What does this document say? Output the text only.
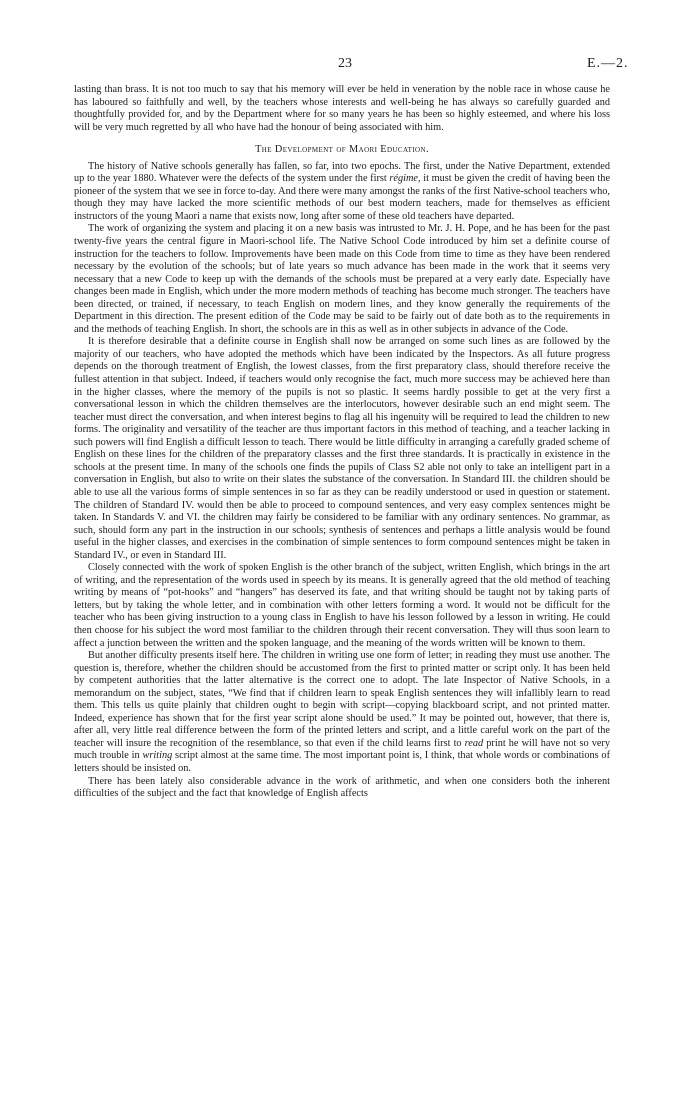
23	E.—2.

lasting than brass. It is not too much to say that his memory will ever be held in veneration by the noble race in whose cause he has laboured so faithfully and well, by the teachers whose interests and well-being he has always so carefully guarded and thoughtfully provided for, and by the Department where for so many years he has been so highly esteemed, and where his loss will be very much regretted by all who have had the honour of being associated with him.

The Development of Maori Education.

The history of Native schools generally has fallen, so far, into two epochs. The first, under the Native Department, extended up to the year 1880. Whatever were the defects of the system under the first régime, it must be given the credit of having been the pioneer of the system that we see in force to-day. And there were many amongst the ranks of the first Native-school teachers who, though they may have lacked the more scientific methods of our best modern teachers, made for themselves as efficient instructors of the young Maori a name that exists now, long after some of these old teachers have departed.

The work of organizing the system and placing it on a new basis was intrusted to Mr. J. H. Pope, and he has been for the past twenty-five years the central figure in Maori-school life. The Native School Code introduced by him set a definite course of instruction for the teachers to follow. Improvements have been made on this Code from time to time as they have been rendered necessary by the evolution of the schools; but of late years so much advance has been made in the work that it seems very necessary that a new Code to keep up with the demands of the schools must be prepared at a very early date. Especially have changes been made in English, which under the more modern methods of teaching has become much stronger. The teachers have been directed, or trained, if necessary, to teach English on modern lines, and they know generally the requirements of the Department in this direction. The present edition of the Code may be said to be fairly out of date both as to the requirements in and the methods of teaching English. In short, the schools are in this as well as in other subjects in advance of the Code.

It is therefore desirable that a definite course in English shall now be arranged on some such lines as are followed by the majority of our teachers, who have adopted the methods which have been indicated by the Inspectors. As all future progress depends on the thorough treatment of English, the lowest classes, from the first preparatory class, should therefore receive the fullest attention in that subject. Indeed, if teachers would only recognise the fact, much more success may be achieved here than in the higher classes, where the memory of the pupils is not so plastic. It seems hardly possible to get at the very first a conversational lesson in which the children themselves are the interlocutors, however desirable such an end might seem. The teacher must direct the conversation, and when interest begins to flag all his ingenuity will be required to lead the children to new forms. The originality and versatility of the teacher are thus important factors in this method of teaching, and a teacher lacking in such powers will find English a difficult lesson to teach. There would be little difficulty in arranging a carefully graded scheme of English on these lines for the children of the preparatory classes and the first three standards. It is practically in existence in the schools at the present time. In many of the schools one finds the pupils of Class S2 able not only to take an intelligent part in a conversation in English, but also to write on their slates the substance of the conversation. In Standard III. the children should be able to use all the various forms of simple sentences in so far as they can be readily understood or used in question or statement. The children of Standard IV. would then be able to proceed to compound sentences, and very easy complex sentences might be taken. In Standards V. and VI. the children may fairly be considered to be familiar with any ordinary sentences. No grammar, as such, should form any part in the instruction in our schools; synthesis of sentences and perhaps a little analysis would be found useful in the higher classes, and exercises in the combination of simple sentences to form compound sentences might be taken in Standard IV., or even in Standard III.

Closely connected with the work of spoken English is the other branch of the subject, written English, which brings in the art of writing, and the representation of the words used in speech by its means. It is generally agreed that the old method of teaching writing by means of “pot-hooks” and “hangers” has deserved its fate, and that writing should be taught not by taking parts of letters, but by taking the whole letter, and in combination with other letters forming a word. It would not be difficult for the teacher who has been giving instruction to a young class in English to have his lesson followed by a lesson in writing. He could then choose for his subject the word most familiar to the children through their recent conversation. They will thus soon learn to affect a junction between the written and the spoken language, and the meaning of the words written will be known to them.

But another difficulty presents itself here. The children in writing use one form of letter; in reading they must use another. The question is, therefore, whether the children should be accustomed from the first to printed matter or script only. It has been held by competent authorities that the latter alternative is the correct one to adopt. The late Inspector of Native Schools, in a memorandum on the subject, states, “We find that if children learn to speak English sentences they will infallibly learn to read them. This tells us quite plainly that children ought to begin with script—copying blackboard script, and not printed matter. Indeed, experience has shown that for the first year script alone should be used.” It may be pointed out, however, that there is, after all, very little real difference between the form of the printed letters and script, and a little careful work on the part of the teacher will insure the recognition of the resemblance, so that even if the child learns first to read print he will have not so very much trouble in writing script almost at the same time. The most important point is, I think, that whole words or combinations of letters should be insisted on.

There has been lately also considerable advance in the work of arithmetic, and when one considers both the inherent difficulties of the subject and the fact that knowledge of English affects
